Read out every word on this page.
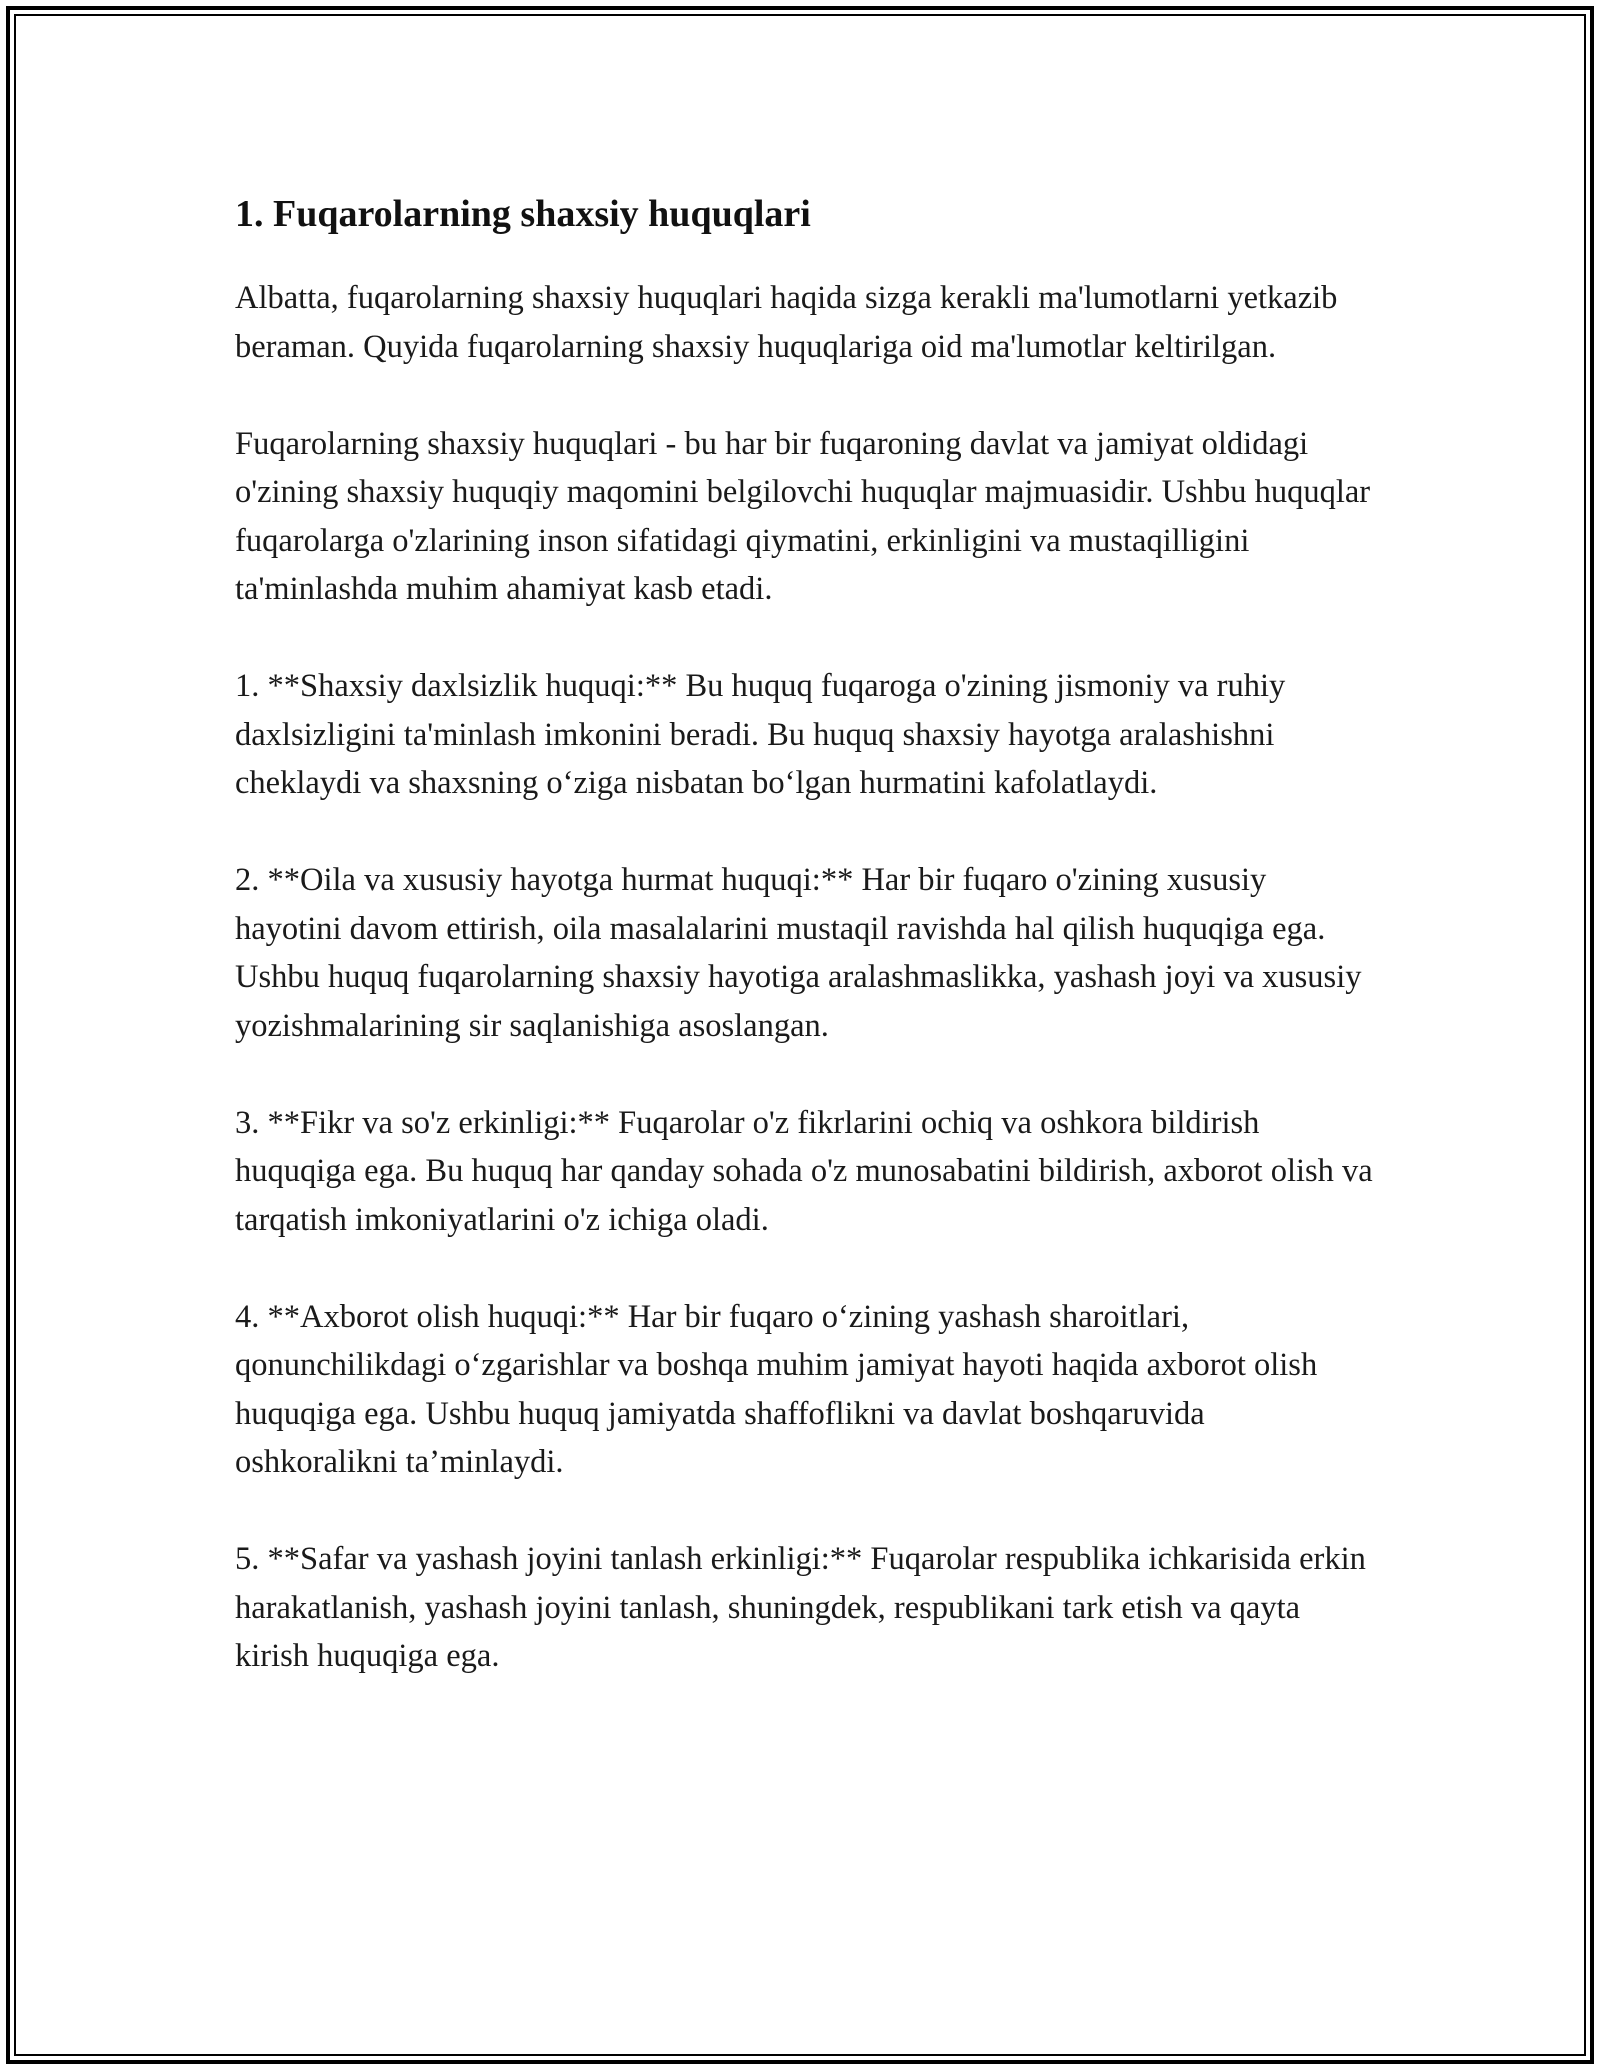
1. Fuqarolarning shaxsiy huquqlari

Albatta, fuqarolarning shaxsiy huquqlari haqida sizga kerakli ma'lumotlarni yetkazib beraman. Quyida fuqarolarning shaxsiy huquqlariga oid ma'lumotlar keltirilgan.

Fuqarolarning shaxsiy huquqlari - bu har bir fuqaroning davlat va jamiyat oldidagi o'zining shaxsiy huquqiy maqomini belgilovchi huquqlar majmuasidir. Ushbu huquqlar fuqarolarga o'zlarining inson sifatidagi qiymatini, erkinligini va mustaqilligini ta'minlashda muhim ahamiyat kasb etadi.

1. **Shaxsiy daxlsizlik huquqi:** Bu huquq fuqaroga o'zining jismoniy va ruhiy daxlsizligini ta'minlash imkonini beradi. Bu huquq shaxsiy hayotga aralashishni cheklaydi va shaxsning o‘ziga nisbatan bo‘lgan hurmatini kafolatlaydi.

2. **Oila va xususiy hayotga hurmat huquqi:** Har bir fuqaro o'zining xususiy hayotini davom ettirish, oila masalalarini mustaqil ravishda hal qilish huquqiga ega. Ushbu huquq fuqarolarning shaxsiy hayotiga aralashmaslikka, yashash joyi va xususiy yozishmalarining sir saqlanishiga asoslangan.

3. **Fikr va so'z erkinligi:** Fuqarolar o'z fikrlarini ochiq va oshkora bildirish huquqiga ega. Bu huquq har qanday sohada o'z munosabatini bildirish, axborot olish va tarqatish imkoniyatlarini o'z ichiga oladi.

4. **Axborot olish huquqi:** Har bir fuqaro o‘zining yashash sharoitlari, qonunchilikdagi o‘zgarishlar va boshqa muhim jamiyat hayoti haqida axborot olish huquqiga ega. Ushbu huquq jamiyatda shaffoflikni va davlat boshqaruvida oshkoralikni ta’minlaydi.

5. **Safar va yashash joyini tanlash erkinligi:** Fuqarolar respublika ichkarisida erkin harakatlanish, yashash joyini tanlash, shuningdek, respublikani tark etish va qayta kirish huquqiga ega.
